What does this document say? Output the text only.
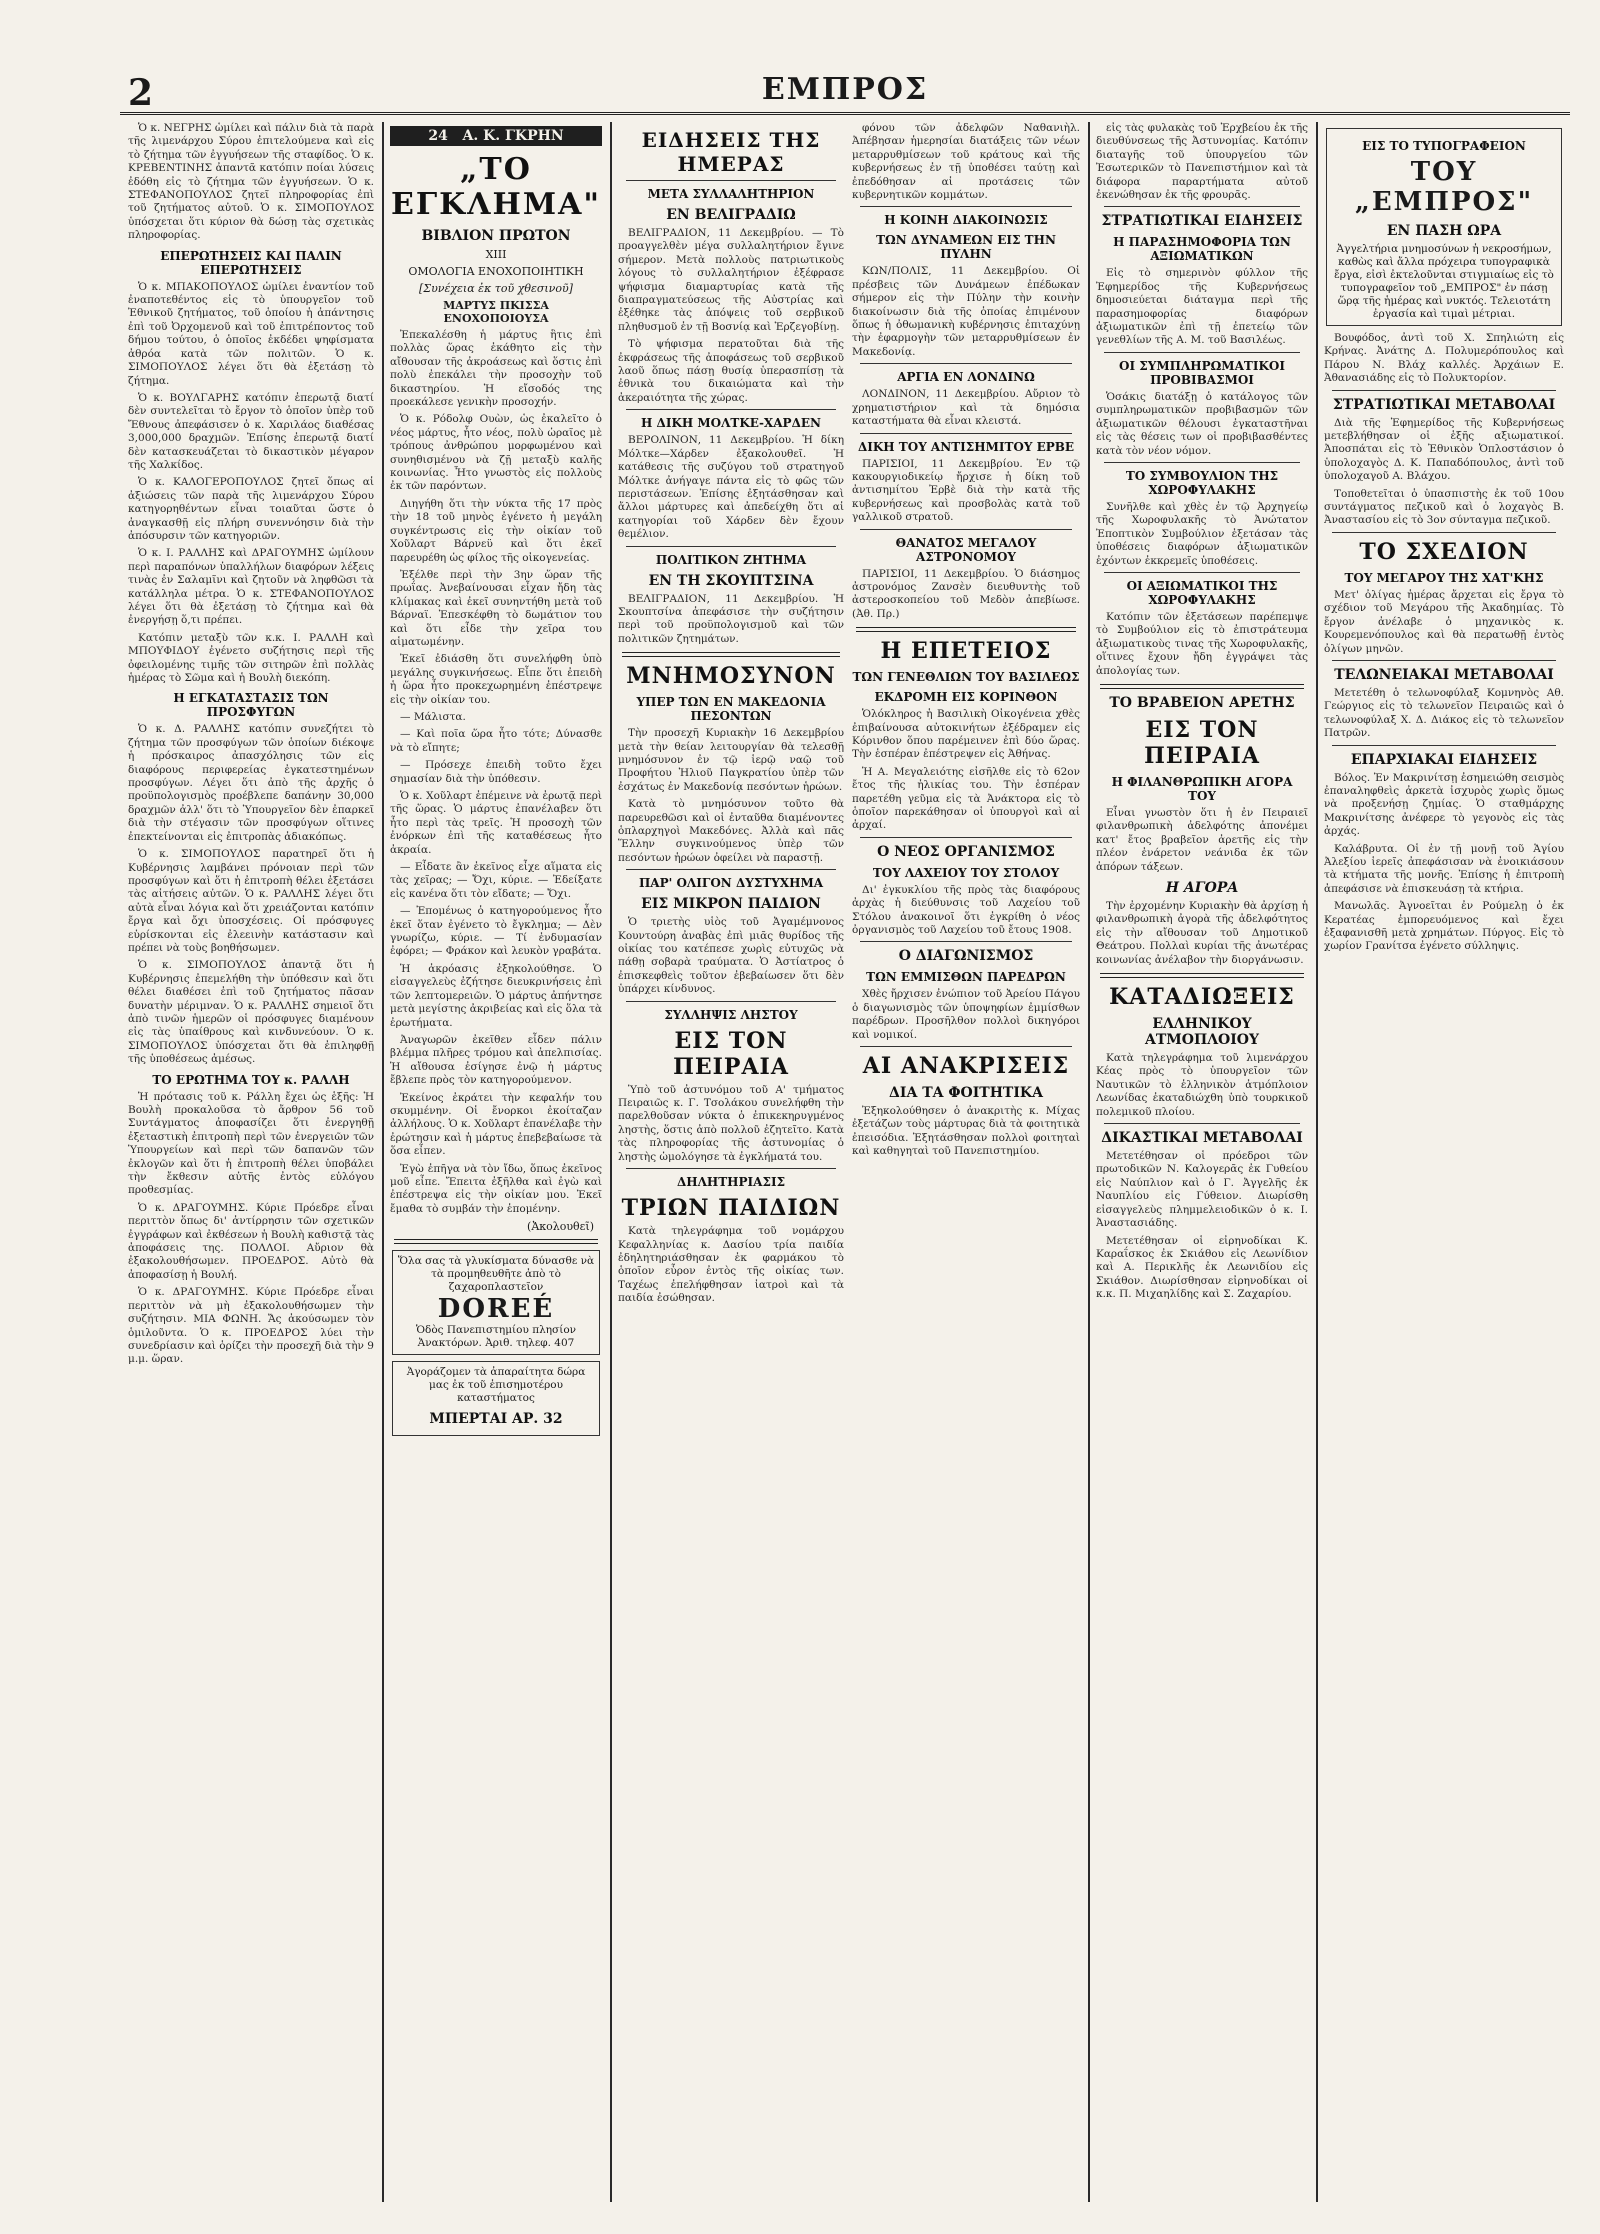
2	ΕΜΠΡΟΣ

Ὁ κ. ΝΕΓΡΗΣ ὡμίλει καὶ πάλιν διὰ τὰ παρὰ τῆς λιμενάρχου Σύρου ἐπιτελούμενα καὶ εἰς τὸ ζήτημα τῶν ἐγγυήσεων τῆς σταφίδος. Ὁ κ. ΚΡΕΒΕΝΤΙΝΗΣ ἀπαντᾶ κατόπιν ποίαι λύσεις ἐδόθη εἰς τὸ ζήτημα τῶν ἐγγυήσεων. Ὁ κ. ΣΤΕΦΑΝΟΠΟΥΛΟΣ ζητεῖ πληροφορίας ἐπὶ τοῦ ζητήματος αὐτοῦ. Ὁ κ. ΣΙΜΟΠΟΥΛΟΣ ὑπόσχεται ὅτι κύριον θὰ δώσῃ τὰς σχετικὰς πληροφορίας.

ΕΠΕΡΩΤΗΣΕΙΣ ΚΑΙ ΠΑΛΙΝ ΕΠΕΡΩΤΗΣΕΙΣ

Ὁ κ. ΜΠΑΚΟΠΟΥΛΟΣ ὡμίλει ἐναντίον τοῦ ἐναποτεθέντος εἰς τὸ ὑπουργεῖον τοῦ Ἐθνικοῦ ζητήματος, τοῦ ὁποίου ἡ ἀπάντησις ἐπὶ τοῦ Ὀρχομενοῦ καὶ τοῦ ἐπιτρέποντος τοῦ δήμου τούτου, ὁ ὁποῖος ἐκδέδει ψηφίσματα ἀθρόα κατὰ τῶν πολιτῶν. Ὁ κ. ΣΙΜΟΠΟΥΛΟΣ λέγει ὅτι θὰ ἐξετάσῃ τὸ ζήτημα.

Ὁ κ. ΒΟΥΛΓΑΡΗΣ κατόπιν ἐπερωτᾷ διατί δὲν συντελεῖται τὸ ἔργον τὸ ὁποῖον ὑπὲρ τοῦ Ἔθνους ἀπεφάσισεν ὁ κ. Χαριλάος διαθέσας 3,000,000 δραχμῶν. Ἐπίσης ἐπερωτᾷ διατί δὲν κατασκευάζεται τὸ δικαστικὸν μέγαρον τῆς Χαλκίδος.

Ὁ κ. ΚΑΛΟΓΕΡΟΠΟΥΛΟΣ ζητεῖ ὅπως αἱ ἀξιώσεις τῶν παρὰ τῆς λιμενάρχου Σύρου κατηγορηθέντων εἶναι τοιαῦται ὥστε ὁ ἀναγκασθῇ εἰς πλήρη συνεννόησιν διὰ τὴν ἀπόσυρσιν τῶν κατηγοριῶν.

Ὁ κ. Ι. ΡΑΛΛΗΣ καὶ ΔΡΑΓΟΥΜΗΣ ὡμίλουν περὶ παραπόνων ὑπαλλήλων διαφόρων λέξεις τινὰς ἐν Σαλαμῖνι καὶ ζητοῦν νὰ ληφθῶσι τὰ κατάλληλα μέτρα. Ὁ κ. ΣΤΕΦΑΝΟΠΟΥΛΟΣ λέγει ὅτι θὰ ἐξετάσῃ τὸ ζήτημα καὶ θὰ ἐνεργήσῃ ὅ,τι πρέπει.

Κατόπιν μεταξὺ τῶν κ.κ. Ι. ΡΑΛΛΗ καὶ ΜΠΟΥΦΙΔΟΥ ἐγένετο συζήτησις περὶ τῆς ὀφειλομένης τιμῆς τῶν σιτηρῶν ἐπὶ πολλὰς ἡμέρας τὸ Σῶμα καὶ ἡ Βουλὴ διεκόπη.

Η ΕΓΚΑΤΑΣΤΑΣΙΣ ΤΩΝ ΠΡΟΣΦΥΓΩΝ

Ὁ κ. Δ. ΡΑΛΛΗΣ κατόπιν συνεζήτει τὸ ζήτημα τῶν προσφύγων τῶν ὁποίων διέκοψε ἡ πρόσκαιρος ἀπασχόλησις τῶν εἰς διαφόρους περιφερείας ἐγκατεστημένων προσφύγων. Λέγει ὅτι ἀπὸ τῆς ἀρχῆς ὁ προϋπολογισμὸς προέβλεπε δαπάνην 30,000 δραχμῶν ἀλλ' ὅτι τὸ Ὑπουργεῖον δὲν ἐπαρκεῖ διὰ τὴν στέγασιν τῶν προσφύγων οἵτινες ἐπεκτείνονται εἰς ἐπιτροπὰς ἀδιακόπως.

Ὁ κ. ΣΙΜΟΠΟΥΛΟΣ παρατηρεῖ ὅτι ἡ Κυβέρνησις λαμβάνει πρόνοιαν περὶ τῶν προσφύγων καὶ ὅτι ἡ ἐπιτροπὴ θέλει ἐξετάσει τὰς αἰτήσεις αὐτῶν. Ὁ κ. ΡΑΛΛΗΣ λέγει ὅτι αὐτὰ εἶναι λόγια καὶ ὅτι χρειάζονται κατόπιν ἔργα καὶ ὄχι ὑποσχέσεις. Οἱ πρόσφυγες εὑρίσκονται εἰς ἐλεεινὴν κατάστασιν καὶ πρέπει νὰ τοὺς βοηθήσωμεν.

Ὁ κ. ΣΙΜΟΠΟΥΛΟΣ ἀπαντᾷ ὅτι ἡ Κυβέρνησις ἐπεμελήθη τὴν ὑπόθεσιν καὶ ὅτι θέλει διαθέσει ἐπὶ τοῦ ζητήματος πᾶσαν δυνατὴν μέριμναν. Ὁ κ. ΡΑΛΛΗΣ σημειοῖ ὅτι ἀπὸ τινῶν ἡμερῶν οἱ πρόσφυγες διαμένουν εἰς τὰς ὑπαίθρους καὶ κινδυνεύουν. Ὁ κ. ΣΙΜΟΠΟΥΛΟΣ ὑπόσχεται ὅτι θὰ ἐπιληφθῇ τῆς ὑποθέσεως ἀμέσως.

ΤΟ ΕΡΩΤΗΜΑ ΤΟΥ κ. ΡΑΛΛΗ

Ἡ πρότασις τοῦ κ. Ράλλη ἔχει ὡς ἑξῆς: Ἡ Βουλὴ προκαλοῦσα τὸ ἄρθρον 56 τοῦ Συντάγματος ἀποφασίζει ὅτι ἐνεργηθῇ ἐξεταστικὴ ἐπιτροπὴ περὶ τῶν ἐνεργειῶν τῶν Ὑπουργείων καὶ περὶ τῶν δαπανῶν τῶν ἐκλογῶν καὶ ὅτι ἡ ἐπιτροπὴ θέλει ὑποβάλει τὴν ἔκθεσιν αὐτῆς ἐντὸς εὐλόγου προθεσμίας.

Ὁ κ. ΔΡΑΓΟΥΜΗΣ. Κύριε Πρόεδρε εἶναι περιττὸν ὅπως δι' ἀντίρρησιν τῶν σχετικῶν ἐγγράφων καὶ ἐκθέσεων ἡ Βουλὴ καθιστᾷ τὰς ἀποφάσεις της. ΠΟΛΛΟΙ. Αὔριον θὰ ἐξακολουθήσωμεν. ΠΡΟΕΔΡΟΣ. Αὐτὸ θὰ ἀποφασίσῃ ἡ Βουλή.

Ὁ κ. ΔΡΑΓΟΥΜΗΣ. Κύριε Πρόεδρε εἶναι περιττὸν νὰ μὴ ἐξακολουθήσωμεν τὴν συζήτησιν. ΜΙΑ ΦΩΝΗ. Ἄς ἀκούσωμεν τὸν ὁμιλοῦντα. Ὁ κ. ΠΡΟΕΔΡΟΣ λύει τὴν συνεδρίασιν καὶ ὁρίζει τὴν προσεχῆ διὰ τὴν 9 μ.μ. ὥραν.

24 Α. Κ. ΓΚΡΗΝ
„ΤΟ ΕΓΚΛΗΜΑ"
ΒΙΒΛΙΟΝ ΠΡΩΤΟΝ
XIII
ΟΜΟΛΟΓΙΑ ΕΝΟΧΟΠΟΙΗΤΙΚΗ
[Συνέχεια ἐκ τοῦ χθεσινοῦ]
ΜΑΡΤΥΣ ΠΚΙΣΣΑ ΕΝΟΧΟΠΟΙΟΥΣΑ

Ἐπεκαλέσθη ἡ μάρτυς ἣτις ἐπὶ πολλὰς ὥρας ἐκάθητο εἰς τὴν αἴθουσαν τῆς ἀκροάσεως καὶ ὅστις ἐπὶ πολὺ ἐπεκάλει τὴν προσοχὴν τοῦ δικαστηρίου. Ἡ εἴσοδός της προεκάλεσε γενικὴν προσοχήν.

Ὁ κ. Ρόδολφ Ουὼν, ὡς ἐκαλεῖτο ὁ νέος μάρτυς, ἦτο νέος, πολὺ ὡραῖος μὲ τρόπους ἀνθρώπου μορφωμένου καὶ συνηθισμένου νὰ ζῇ μεταξὺ καλῆς κοινωνίας. Ἦτο γνωστὸς εἰς πολλοὺς ἐκ τῶν παρόντων.

Διηγήθη ὅτι τὴν νύκτα τῆς 17 πρὸς τὴν 18 τοῦ μηνὸς ἐγένετο ἡ μεγάλη συγκέντρωσις εἰς τὴν οἰκίαν τοῦ Χοῦλαρτ Βάρνεϋ καὶ ὅτι ἐκεῖ παρευρέθη ὡς φίλος τῆς οἰκογενείας.

Ἐξέλθε περὶ τὴν 3ην ὥραν τῆς πρωΐας. Ἀνεβαίνουσαι εἶχαν ἤδη τὰς κλίμακας καὶ ἐκεῖ συνηντήθη μετὰ τοῦ Βάρναϊ. Ἐπεσκέφθη τὸ δωμάτιον του καὶ ὅτι εἶδε τὴν χεῖρα του αἱματωμένην.

Ἐκεῖ ἐδιάσθη ὅτι συνελήφθη ὑπὸ μεγάλης συγκινήσεως. Εἶπε ὅτι ἐπειδὴ ἡ ὥρα ἦτο προκεχωρημένη ἐπέστρεψε εἰς τὴν οἰκίαν του.

— Μάλιστα.

— Καὶ ποῖα ὥρα ἦτο τότε; Δύνασθε νὰ τὸ εἴπητε;

— Πρόσεχε ἐπειδὴ τοῦτο ἔχει σημασίαν διὰ τὴν ὑπόθεσιν.

Ὁ κ. Χοῦλαρτ ἐπέμεινε νὰ ἐρωτᾷ περὶ τῆς ὥρας. Ὁ μάρτυς ἐπανέλαβεν ὅτι ἦτο περὶ τὰς τρεῖς. Ἡ προσοχὴ τῶν ἐνόρκων ἐπὶ τῆς καταθέσεως ἦτο ἀκραία.

— Εἶδατε ἂν ἐκεῖνος εἶχε αἵματα εἰς τὰς χεῖρας; — Ὄχι, κύριε. — Ἐδείξατε εἰς κανένα ὅτι τὸν εἴδατε; — Ὄχι.

— Ἐπομένως ὁ κατηγορούμενος ἦτο ἐκεῖ ὅταν ἐγένετο τὸ ἔγκλημα; — Δὲν γνωρίζω, κύριε. — Τί ἐνδυμασίαν ἐφόρει; — Φράκον καὶ λευκὸν γραβάτα.

Ἡ ἀκρόασις ἐξηκολούθησε. Ὁ εἰσαγγελεὺς ἐζήτησε διευκρινήσεις ἐπὶ τῶν λεπτομερειῶν. Ὁ μάρτυς ἀπήντησε μετὰ μεγίστης ἀκριβείας καὶ εἰς ὅλα τὰ ἐρωτήματα.

Ἀναγωρῶν ἐκεῖθεν εἶδεν πάλιν βλέμμα πλῆρες τρόμου καὶ ἀπελπισίας. Ἡ αἴθουσα ἐσίγησε ἐνῷ ἡ μάρτυς ἔβλεπε πρὸς τὸν κατηγορούμενον.

Ἐκείνος ἐκράτει τὴν κεφαλήν του σκυμμένην. Οἱ ἔνορκοι ἐκοίταζαν ἀλλήλους. Ὁ κ. Χοῦλαρτ ἐπανέλαβε τὴν ἐρώτησιν καὶ ἡ μάρτυς ἐπεβεβαίωσε τὰ ὅσα εἶπεν.

Ἐγὼ ἐπῆγα νὰ τὸν ἴδω, ὅπως ἐκεῖνος μοῦ εἶπε. Ἔπειτα ἐξῆλθα καὶ ἐγὼ καὶ ἐπέστρεψα εἰς τὴν οἰκίαν μου. Ἐκεῖ ἔμαθα τὸ συμβάν τὴν ἑπομένην.

(Ἀκολουθεῖ)
Ὅλα σας τὰ γλυκίσματα δύνασθε νὰ τὰ προμηθευθῆτε ἀπὸ τὸ ζαχαροπλαστεῖον
DOREÉ
Ὁδὸς Πανεπιστημίου πλησίον Ἀνακτόρων. Ἀριθ. τηλεφ. 407
Ἀγοράζομεν τὰ ἀπαραίτητα δώρα μας ἐκ τοῦ ἐπισημοτέρου καταστήματος
ΜΠΕΡΤΑΙ ΑΡ. 32
ΕΙΔΗΣΕΙΣ ΤΗΣ ΗΜΕΡΑΣ
ΜΕΤΑ ΣΥΛΛΑΛΗΤΗΡΙΟΝ
ΕΝ ΒΕΛΙΓΡΑΔΙΩ

ΒΕΛΙΓΡΑΔΙΟΝ, 11 Δεκεμβρίου. — Τὸ προαγγελθὲν μέγα συλλαλητήριον ἔγινε σήμερον. Μετὰ πολλοὺς πατριωτικοὺς λόγους τὸ συλλαλητήριον ἐξέφρασε ψήφισμα διαμαρτυρίας κατὰ τῆς διαπραγματεύσεως τῆς Αὐστρίας καὶ ἐξέθηκε τὰς ἀπόψεις τοῦ σερβικοῦ πληθυσμοῦ ἐν τῇ Βοσνίᾳ καὶ Ἑρζεγοβίνῃ.

Τὸ ψήφισμα περατοῦται διὰ τῆς ἐκφράσεως τῆς ἀποφάσεως τοῦ σερβικοῦ λαοῦ ὅπως πάσῃ θυσίᾳ ὑπερασπίσῃ τὰ ἐθνικὰ του δικαιώματα καὶ τὴν ἀκεραιότητα τῆς χώρας.

Η ΔΙΚΗ ΜΟΛΤΚΕ-ΧΑΡΔΕΝ

ΒΕΡΟΛΙΝΟΝ, 11 Δεκεμβρίου. Ἡ δίκη Μόλτκε—Χάρδεν ἐξακολουθεῖ. Ἡ κατάθεσις τῆς συζύγου τοῦ στρατηγοῦ Μόλτκε ἀνήγαγε πάντα εἰς τὸ φῶς τῶν περιστάσεων. Ἐπίσης ἐξητάσθησαν καὶ ἄλλοι μάρτυρες καὶ ἀπεδείχθη ὅτι αἱ κατηγορίαι τοῦ Χάρδεν δὲν ἔχουν θεμέλιον.

ΠΟΛΙΤΙΚΟΝ ΖΗΤΗΜΑ
ΕΝ ΤΗ ΣΚΟΥΠΤΣΙΝΑ

ΒΕΛΙΓΡΑΔΙΟΝ, 11 Δεκεμβρίου. Ἡ Σκουπτσίνα ἀπεφάσισε τὴν συζήτησιν περὶ τοῦ προϋπολογισμοῦ καὶ τῶν πολιτικῶν ζητημάτων.

ΜΝΗΜΟΣΥΝΟΝ
ΥΠΕΡ ΤΩΝ ΕΝ ΜΑΚΕΔΟΝΙΑ ΠΕΣΟΝΤΩΝ

Τὴν προσεχῆ Κυριακὴν 16 Δεκεμβρίου μετὰ τὴν θείαν λειτουργίαν θὰ τελεσθῇ μνημόσυνον ἐν τῷ ἱερῷ ναῷ τοῦ Προφήτου Ἠλιοῦ Παγκρατίου ὑπὲρ τῶν ἐσχάτως ἐν Μακεδονίᾳ πεσόντων ἡρώων.

Κατὰ τὸ μνημόσυνον τοῦτο θὰ παρευρεθῶσι καὶ οἱ ἐνταῦθα διαμένοντες ὁπλαρχηγοὶ Μακεδόνες. Ἀλλὰ καὶ πᾶς Ἕλλην συγκινούμενος ὑπὲρ τῶν πεσόντων ἡρώων ὀφείλει νὰ παραστῇ.

ΠΑΡ' ΟΛΙΓΟΝ ΔΥΣΤΥΧΗΜΑ
ΕΙΣ ΜΙΚΡΟΝ ΠΑΙΔΙΟΝ

Ὁ τριετὴς υἱὸς τοῦ Ἀγαμέμνονος Κουντούρη ἀναβὰς ἐπὶ μιᾶς θυρίδος τῆς οἰκίας του κατέπεσε χωρὶς εὐτυχῶς νὰ πάθῃ σοβαρὰ τραύματα. Ὁ Ἀστίατρος ὁ ἐπισκεφθεὶς τοῦτον ἐβεβαίωσεν ὅτι δὲν ὑπάρχει κίνδυνος.

ΣΥΛΛΗΨΙΣ ΛΗΣΤΟΥ
ΕΙΣ ΤΟΝ ΠΕΙΡΑΙΑ

Ὑπὸ τοῦ ἀστυνόμου τοῦ Α' τμήματος Πειραιῶς κ. Γ. Τσολάκου συνελήφθη τὴν παρελθοῦσαν νύκτα ὁ ἐπικεκηρυγμένος ληστὴς, ὅστις ἀπὸ πολλοῦ ἐζητεῖτο. Κατὰ τὰς πληροφορίας τῆς ἀστυνομίας ὁ ληστὴς ὡμολόγησε τὰ ἐγκλήματά του.

ΔΗΛΗΤΗΡΙΑΣΙΣ
ΤΡΙΩΝ ΠΑΙΔΙΩΝ

Κατὰ τηλεγράφημα τοῦ νομάρχου Κεφαλληνίας κ. Δασίου τρία παιδία ἐδηλητηριάσθησαν ἐκ φαρμάκου τὸ ὁποῖον εὗρον ἐντὸς τῆς οἰκίας των. Ταχέως ἐπελήφθησαν ἰατροὶ καὶ τὰ παιδία ἐσώθησαν.

φόνου τῶν ἀδελφῶν Ναθανιὴλ. Ἀπέβησαν ἡμερησίαι διατάξεις τῶν νέων μεταρρυθμίσεων τοῦ κράτους καὶ τῆς κυβερνήσεως ἐν τῇ ὑποθέσει ταύτῃ καὶ ἐπεδόθησαν αἱ προτάσεις τῶν κυβερνητικῶν κομμάτων.

Η ΚΟΙΝΗ ΔΙΑΚΟΙΝΩΣΙΣ
ΤΩΝ ΔΥΝΑΜΕΩΝ ΕΙΣ ΤΗΝ ΠΥΛΗΝ

ΚΩΝ/ΠΟΛΙΣ, 11 Δεκεμβρίου. Οἱ πρέσβεις τῶν Δυνάμεων ἐπέδωκαν σήμερον εἰς τὴν Πύλην τὴν κοινὴν διακοίνωσιν διὰ τῆς ὁποίας ἐπιμένουν ὅπως ἡ ὀθωμανικὴ κυβέρνησις ἐπιταχύνῃ τὴν ἐφαρμογὴν τῶν μεταρρυθμίσεων ἐν Μακεδονίᾳ.

ΑΡΓΙΑ ΕΝ ΛΟΝΔΙΝΩ

ΛΟΝΔΙΝΟΝ, 11 Δεκεμβρίου. Αὔριον τὸ χρηματιστήριον καὶ τὰ δημόσια καταστήματα θὰ εἶναι κλειστά.

ΔΙΚΗ ΤΟΥ ΑΝΤΙΣΗΜΙΤΟΥ ΕΡΒΕ

ΠΑΡΙΣΙΟΙ, 11 Δεκεμβρίου. Ἐν τῷ κακουργιοδικείῳ ἤρχισε ἡ δίκη τοῦ ἀντισημίτου Ἐρβὲ διὰ τὴν κατὰ τῆς κυβερνήσεως καὶ προσβολὰς κατὰ τοῦ γαλλικοῦ στρατοῦ.

ΘΑΝΑΤΟΣ ΜΕΓΑΛΟΥ ΑΣΤΡΟΝΟΜΟΥ

ΠΑΡΙΣΙΟΙ, 11 Δεκεμβρίου. Ὁ διάσημος ἀστρονόμος Ζανσὲν διευθυντὴς τοῦ ἀστεροσκοπείου τοῦ Μεδὸν ἀπεβίωσε. (Ἀθ. Πρ.)

Η ΕΠΕΤΕΙΟΣ
ΤΩΝ ΓΕΝΕΘΛΙΩΝ ΤΟΥ ΒΑΣΙΛΕΩΣ
ΕΚΔΡΟΜΗ ΕΙΣ ΚΟΡΙΝΘΟΝ

Ὁλόκληρος ἡ Βασιλικὴ Οἰκογένεια χθὲς ἐπιβαίνουσα αὐτοκινήτων ἐξέδραμεν εἰς Κόρινθον ὅπου παρέμεινεν ἐπὶ δύο ὥρας. Τὴν ἑσπέραν ἐπέστρεψεν εἰς Ἀθήνας.

Ἡ Α. Μεγαλειότης εἰσῆλθε εἰς τὸ 62ον ἔτος τῆς ἡλικίας του. Τὴν ἑσπέραν παρετέθη γεῦμα εἰς τὰ Ἀνάκτορα εἰς τὸ ὁποῖον παρεκάθησαν οἱ ὑπουργοὶ καὶ αἱ ἀρχαί.

Ο ΝΕΟΣ ΟΡΓΑΝΙΣΜΟΣ
ΤΟΥ ΛΑΧΕΙΟΥ ΤΟΥ ΣΤΟΛΟΥ

Δι' ἐγκυκλίου τῆς πρὸς τὰς διαφόρους ἀρχὰς ἡ διεύθυνσις τοῦ Λαχείου τοῦ Στόλου ἀνακοινοῖ ὅτι ἐγκρίθη ὁ νέος ὀργανισμὸς τοῦ Λαχείου τοῦ ἔτους 1908.

Ο ΔΙΑΓΩΝΙΣΜΟΣ
ΤΩΝ ΕΜΜΙΣΘΩΝ ΠΑΡΕΔΡΩΝ

Χθὲς ἤρχισεν ἐνώπιον τοῦ Ἀρείου Πάγου ὁ διαγωνισμὸς τῶν ὑποψηφίων ἐμμίσθων παρέδρων. Προσῆλθον πολλοὶ δικηγόροι καὶ νομικοί.

ΑΙ ΑΝΑΚΡΙΣΕΙΣ
ΔΙΑ ΤΑ ΦΟΙΤΗΤΙΚΑ

Ἐξηκολούθησεν ὁ ἀνακριτὴς κ. Μίχας ἐξετάζων τοὺς μάρτυρας διὰ τὰ φοιτητικὰ ἐπεισόδια. Ἐξητάσθησαν πολλοὶ φοιτηταὶ καὶ καθηγηταὶ τοῦ Πανεπιστημίου.

εἰς τὰς φυλακὰς τοῦ Ἐρχβείου ἐκ τῆς διευθύνσεως τῆς Ἀστυνομίας. Κατόπιν διαταγῆς τοῦ ὑπουργείου τῶν Ἐσωτερικῶν τὸ Πανεπιστήμιον καὶ τὰ διάφορα παραρτήματα αὐτοῦ ἐκενώθησαν ἐκ τῆς φρουρᾶς.

ΣΤΡΑΤΙΩΤΙΚΑΙ ΕΙΔΗΣΕΙΣ
Η ΠΑΡΑΣΗΜΟΦΟΡΙΑ ΤΩΝ ΑΞΙΩΜΑΤΙΚΩΝ

Εἰς τὸ σημερινὸν φύλλον τῆς Ἐφημερίδος τῆς Κυβερνήσεως δημοσιεύεται διάταγμα περὶ τῆς παρασημοφορίας διαφόρων ἀξιωματικῶν ἐπὶ τῇ ἐπετείῳ τῶν γενεθλίων τῆς Α. Μ. τοῦ Βασιλέως.

ΟΙ ΣΥΜΠΛΗΡΩΜΑΤΙΚΟΙ ΠΡΟΒΙΒΑΣΜΟΙ

Ὁσάκις διατάξῃ ὁ κατάλογος τῶν συμπληρωματικῶν προβιβασμῶν τῶν ἀξιωματικῶν θέλουσι ἐγκαταστῆναι εἰς τὰς θέσεις των οἱ προβιβασθέντες κατὰ τὸν νέον νόμον.

ΤΟ ΣΥΜΒΟΥΛΙΟΝ ΤΗΣ ΧΩΡΟΦΥΛΑΚΗΣ

Συνῆλθε καὶ χθὲς ἐν τῷ Ἀρχηγείῳ τῆς Χωροφυλακῆς τὸ Ἀνώτατον Ἐποπτικὸν Συμβούλιον ἐξετάσαν τὰς ὑποθέσεις διαφόρων ἀξιωματικῶν ἐχόντων ἐκκρεμεῖς ὑποθέσεις.

ΟΙ ΑΞΙΩΜΑΤΙΚΟΙ ΤΗΣ ΧΩΡΟΦΥΛΑΚΗΣ

Κατόπιν τῶν ἐξετάσεων παρέπεμψε τὸ Συμβούλιον εἰς τὸ ἐπιστράτευμα ἀξιωματικοὺς τινας τῆς Χωροφυλακῆς, οἵτινες ἔχουν ἤδη ἐγγράψει τὰς ἀπολογίας των.

ΤΟ ΒΡΑΒΕΙΟΝ ΑΡΕΤΗΣ
ΕΙΣ ΤΟΝ ΠΕΙΡΑΙΑ
Η ΦΙΛΑΝΘΡΩΠΙΚΗ ΑΓΟΡΑ ΤΟΥ

Εἶναι γνωστὸν ὅτι ἡ ἐν Πειραιεῖ φιλανθρωπικὴ ἀδελφότης ἀπονέμει κατ' ἔτος βραβεῖον ἀρετῆς εἰς τὴν πλέον ἐνάρετον νεάνιδα ἐκ τῶν ἀπόρων τάξεων.

Η ΑΓΟΡΑ

Τὴν ἐρχομένην Κυριακὴν θὰ ἀρχίσῃ ἡ φιλανθρωπικὴ ἀγορὰ τῆς ἀδελφότητος εἰς τὴν αἴθουσαν τοῦ Δημοτικοῦ Θεάτρου. Πολλαὶ κυρίαι τῆς ἀνωτέρας κοινωνίας ἀνέλαβον τὴν διοργάνωσιν.

ΚΑΤΑΔΙΩΞΕΙΣ
ΕΛΛΗΝΙΚΟΥ ΑΤΜΟΠΛΟΙΟΥ

Κατὰ τηλεγράφημα τοῦ λιμενάρχου Κέας πρὸς τὸ ὑπουργεῖον τῶν Ναυτικῶν τὸ ἑλληνικὸν ἀτμόπλοιον Λεωνίδας ἐκαταδιώχθη ὑπὸ τουρκικοῦ πολεμικοῦ πλοίου.

ΔΙΚΑΣΤΙΚΑΙ ΜΕΤΑΒΟΛΑΙ

Μετετέθησαν οἱ πρόεδροι τῶν πρωτοδικῶν Ν. Καλογερᾶς ἐκ Γυθείου εἰς Ναύπλιον καὶ ὁ Γ. Ἀγγελῆς ἐκ Ναυπλίου εἰς Γύθειον. Διωρίσθη εἰσαγγελεὺς πλημμελειοδικῶν ὁ κ. Ι. Ἀναστασιάδης.

Μετετέθησαν οἱ εἰρηνοδίκαι Κ. Καραΐσκος ἐκ Σκιάθου εἰς Λεωνίδιον καὶ Α. Περικλῆς ἐκ Λεωνιδίου εἰς Σκιάθον. Διωρίσθησαν εἰρηνοδίκαι οἱ κ.κ. Π. Μιχαηλίδης καὶ Σ. Ζαχαρίου.

ΕΙΣ ΤΟ ΤΥΠΟΓΡΑΦΕΙΟΝ
ΤΟΥ „ΕΜΠΡΟΣ"
ΕΝ ΠΑΣΗ ΩΡΑ
Ἀγγελτήρια μνημοσύνων ἡ νεκροσήμων, καθὼς καὶ ἄλλα πρόχειρα τυπογραφικὰ ἔργα, εἰσὶ ἐκτελοῦνται στιγμιαίως εἰς τὸ τυπογραφεῖον τοῦ „ΕΜΠΡΟΣ" ἐν πάσῃ ὥρᾳ τῆς ἡμέρας καὶ νυκτός. Τελειοτάτη ἐργασία καὶ τιμαὶ μέτριαι.

Βουφόδος, ἀντὶ τοῦ Χ. Σπηλιώτη εἰς Κρήνας. Ἀνάτης Δ. Πολυμερόπουλος καὶ Πάρου Ν. Βλάχ καλλές. Ἀρχάιων Ε. Ἀθανασιάδης εἰς τὸ Πολυκτορίον.

ΣΤΡΑΤΙΩΤΙΚΑΙ ΜΕΤΑΒΟΛΑΙ

Διὰ τῆς Ἐφημερίδος τῆς Κυβερνήσεως μετεβλήθησαν οἱ ἑξῆς αξιωματικοί. Ἀποσπάται εἰς τὸ Ἐθνικὸν Ὁπλοστάσιον ὁ ὑπολοχαγὸς Δ. Κ. Παπαδόπουλος, ἀντὶ τοῦ ὑπολοχαγοῦ Α. Βλάχου.

Τοποθετεῖται ὁ ὑπασπιστὴς ἐκ τοῦ 10ου συντάγματος πεζικοῦ καὶ ὁ λοχαγὸς Β. Ἀναστασίου εἰς τὸ 3ον σύνταγμα πεζικοῦ.

ΤΟ ΣΧΕΔΙΟΝ
ΤΟΥ ΜΕΓΑΡΟΥ ΤΗΣ ΧΑΤ'ΚΗΣ

Μετ' ὀλίγας ἡμέρας ἄρχεται εἰς ἔργα τὸ σχέδιον τοῦ Μεγάρου τῆς Ἀκαδημίας. Τὸ ἔργον ἀνέλαβε ὁ μηχανικὸς κ. Κουρεμενόπουλος καὶ θὰ περατωθῇ ἐντὸς ὀλίγων μηνῶν.

ΤΕΛΩΝΕΙΑΚΑΙ ΜΕΤΑΒΟΛΑΙ

Μετετέθη ὁ τελωνοφύλαξ Κομνηνὸς Αθ. Γεώργιος εἰς τὸ τελωνεῖον Πειραιῶς καὶ ὁ τελωνοφύλαξ Χ. Δ. Διάκος εἰς τὸ τελωνεῖον Πατρῶν.

ΕΠΑΡΧΙΑΚΑΙ ΕΙΔΗΣΕΙΣ

Βόλος. Ἐν Μακρινίτσῃ ἐσημειώθη σεισμὸς ἐπαναληφθεὶς ἀρκετὰ ἰσχυρὸς χωρὶς ὅμως νὰ προξενήσῃ ζημίας. Ὁ σταθμάρχης Μακρινίτσης ἀνέφερε τὸ γεγονὸς εἰς τὰς ἀρχάς.

Καλάβρυτα. Οἱ ἐν τῇ μονῇ τοῦ Ἁγίου Ἀλεξίου ἱερεῖς ἀπεφάσισαν νὰ ἐνοικιάσουν τὰ κτήματα τῆς μονῆς. Ἐπίσης ἡ ἐπιτροπὴ ἀπεφάσισε νὰ ἐπισκευάσῃ τὰ κτήρια.

Μανωλᾶς. Ἀγνοεῖται ἐν Ρούμελῃ ὁ ἐκ Κερατέας ἐμπορευόμενος καὶ ἔχει ἐξαφανισθῆ μετὰ χρημάτων. Πύργος. Εἰς τὸ χωρίον Γρανίτσα ἐγένετο σύλληψις.
